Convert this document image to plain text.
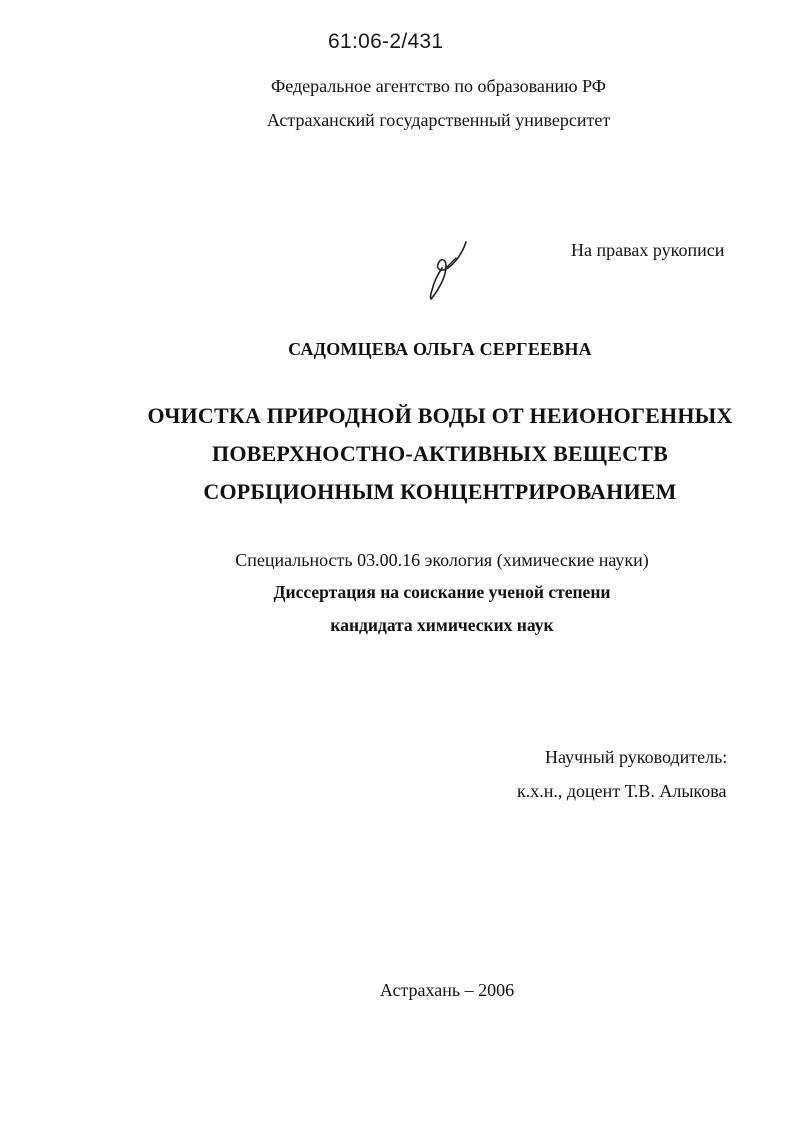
61:06-2/431
Федеральное агентство по образованию РФ
Астраханский государственный университет
На правах рукописи
САДОМЦЕВА ОЛЬГА СЕРГЕЕВНА
ОЧИСТКА ПРИРОДНОЙ ВОДЫ ОТ НЕИОНОГЕННЫХ
ПОВЕРХНОСТНО-АКТИВНЫХ ВЕЩЕСТВ
СОРБЦИОННЫМ КОНЦЕНТРИРОВАНИЕМ
Специальность 03.00.16 экология (химические науки)
Диссертация на соискание ученой степени
кандидата химических наук
Научный руководитель:
к.х.н., доцент Т.В. Алыкова
Астрахань – 2006
